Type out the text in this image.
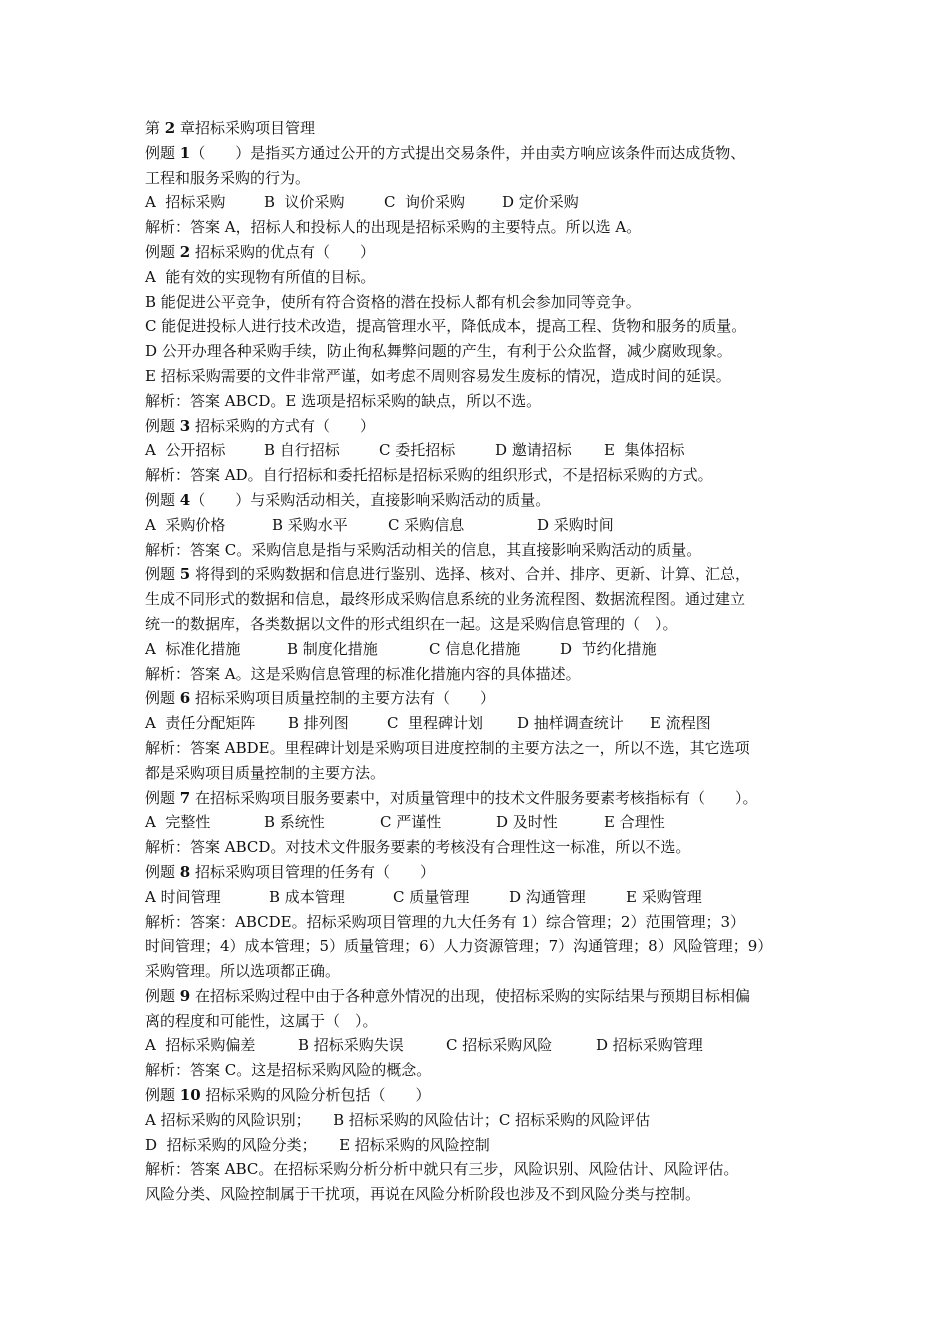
第 2 章招标采购项目管理
例题 1（　　）是指买方通过公开的方式提出交易条件，并由卖方响应该条件而达成货物、
工程和服务采购的行为。
A  招标采购	B  议价采购	C  询价采购 D 定价采购
解析：答案 A，招标人和投标人的出现是招标采购的主要特点。所以选 A。
例题 2 招标采购的优点有（　　）
A  能有效的实现物有所值的目标。
B 能促进公平竞争，使所有符合资格的潜在投标人都有机会参加同等竞争。
C 能促进投标人进行技术改造，提高管理水平，降低成本，提高工程、货物和服务的质量。
D 公开办理各种采购手续，防止徇私舞弊问题的产生，有利于公众监督，减少腐败现象。
E 招标采购需要的文件非常严谨，如考虑不周则容易发生废标的情况，造成时间的延误。
解析：答案 ABCD。E 选项是招标采购的缺点，所以不选。
例题 3 招标采购的方式有（　　）
A  公开招标	B 自行招标	C 委托招标	D 邀请招标 E  集体招标
解析：答案 AD。自行招标和委托招标是招标采购的组织形式，不是招标采购的方式。
例题 4（　　）与采购活动相关，直接影响采购活动的质量。
A  采购价格	B 采购水平	C 采购信息	D 采购时间
解析：答案 C。采购信息是指与采购活动相关的信息，其直接影响采购活动的质量。
例题 5 将得到的采购数据和信息进行鉴别、选择、核对、合并、排序、更新、计算、汇总，
生成不同形式的数据和信息，最终形成采购信息系统的业务流程图、数据流程图。通过建立
统一的数据库，各类数据以文件的形式组织在一起。这是采购信息管理的（　）。
A  标准化措施	B 制度化措施	C 信息化措施	D  节约化措施
解析：答案 A。这是采购信息管理的标准化措施内容的具体描述。
例题 6 招标采购项目质量控制的主要方法有（　　）
A  责任分配矩阵 B 排列图	C  里程碑计划 D 抽样调查统计 E 流程图
解析：答案 ABDE。里程碑计划是采购项目进度控制的主要方法之一，所以不选，其它选项
都是采购项目质量控制的主要方法。
例题 7 在招标采购项目服务要素中，对质量管理中的技术文件服务要素考核指标有（　　）。
A  完整性	B 系统性	C 严谨性	D 及时性	E 合理性
解析：答案 ABCD。对技术文件服务要素的考核没有合理性这一标准，所以不选。
例题 8 招标采购项目管理的任务有（　　）
A 时间管理	B 成本管理	C 质量管理	D 沟通管理	E 采购管理
解析：答案：ABCDE。招标采购项目管理的九大任务有 1）综合管理；2）范围管理；3）
时间管理；4）成本管理；5）质量管理；6）人力资源管理；7）沟通管理；8）风险管理；9）
采购管理。所以选项都正确。
例题 9 在招标采购过程中由于各种意外情况的出现，使招标采购的实际结果与预期目标相偏
离的程度和可能性，这属于（　）。
A  招标采购偏差	B 招标采购失误	C 招标采购风险	D 招标采购管理
解析：答案 C。这是招标采购风险的概念。
例题 10 招标采购的风险分析包括（　　）
A 招标采购的风险识别；　　B 招标采购的风险估计；C 招标采购的风险评估
D  招标采购的风险分类；　　E 招标采购的风险控制
解析：答案 ABC。在招标采购分析分析中就只有三步，风险识别、风险估计、风险评估。
风险分类、风险控制属于干扰项，再说在风险分析阶段也涉及不到风险分类与控制。
